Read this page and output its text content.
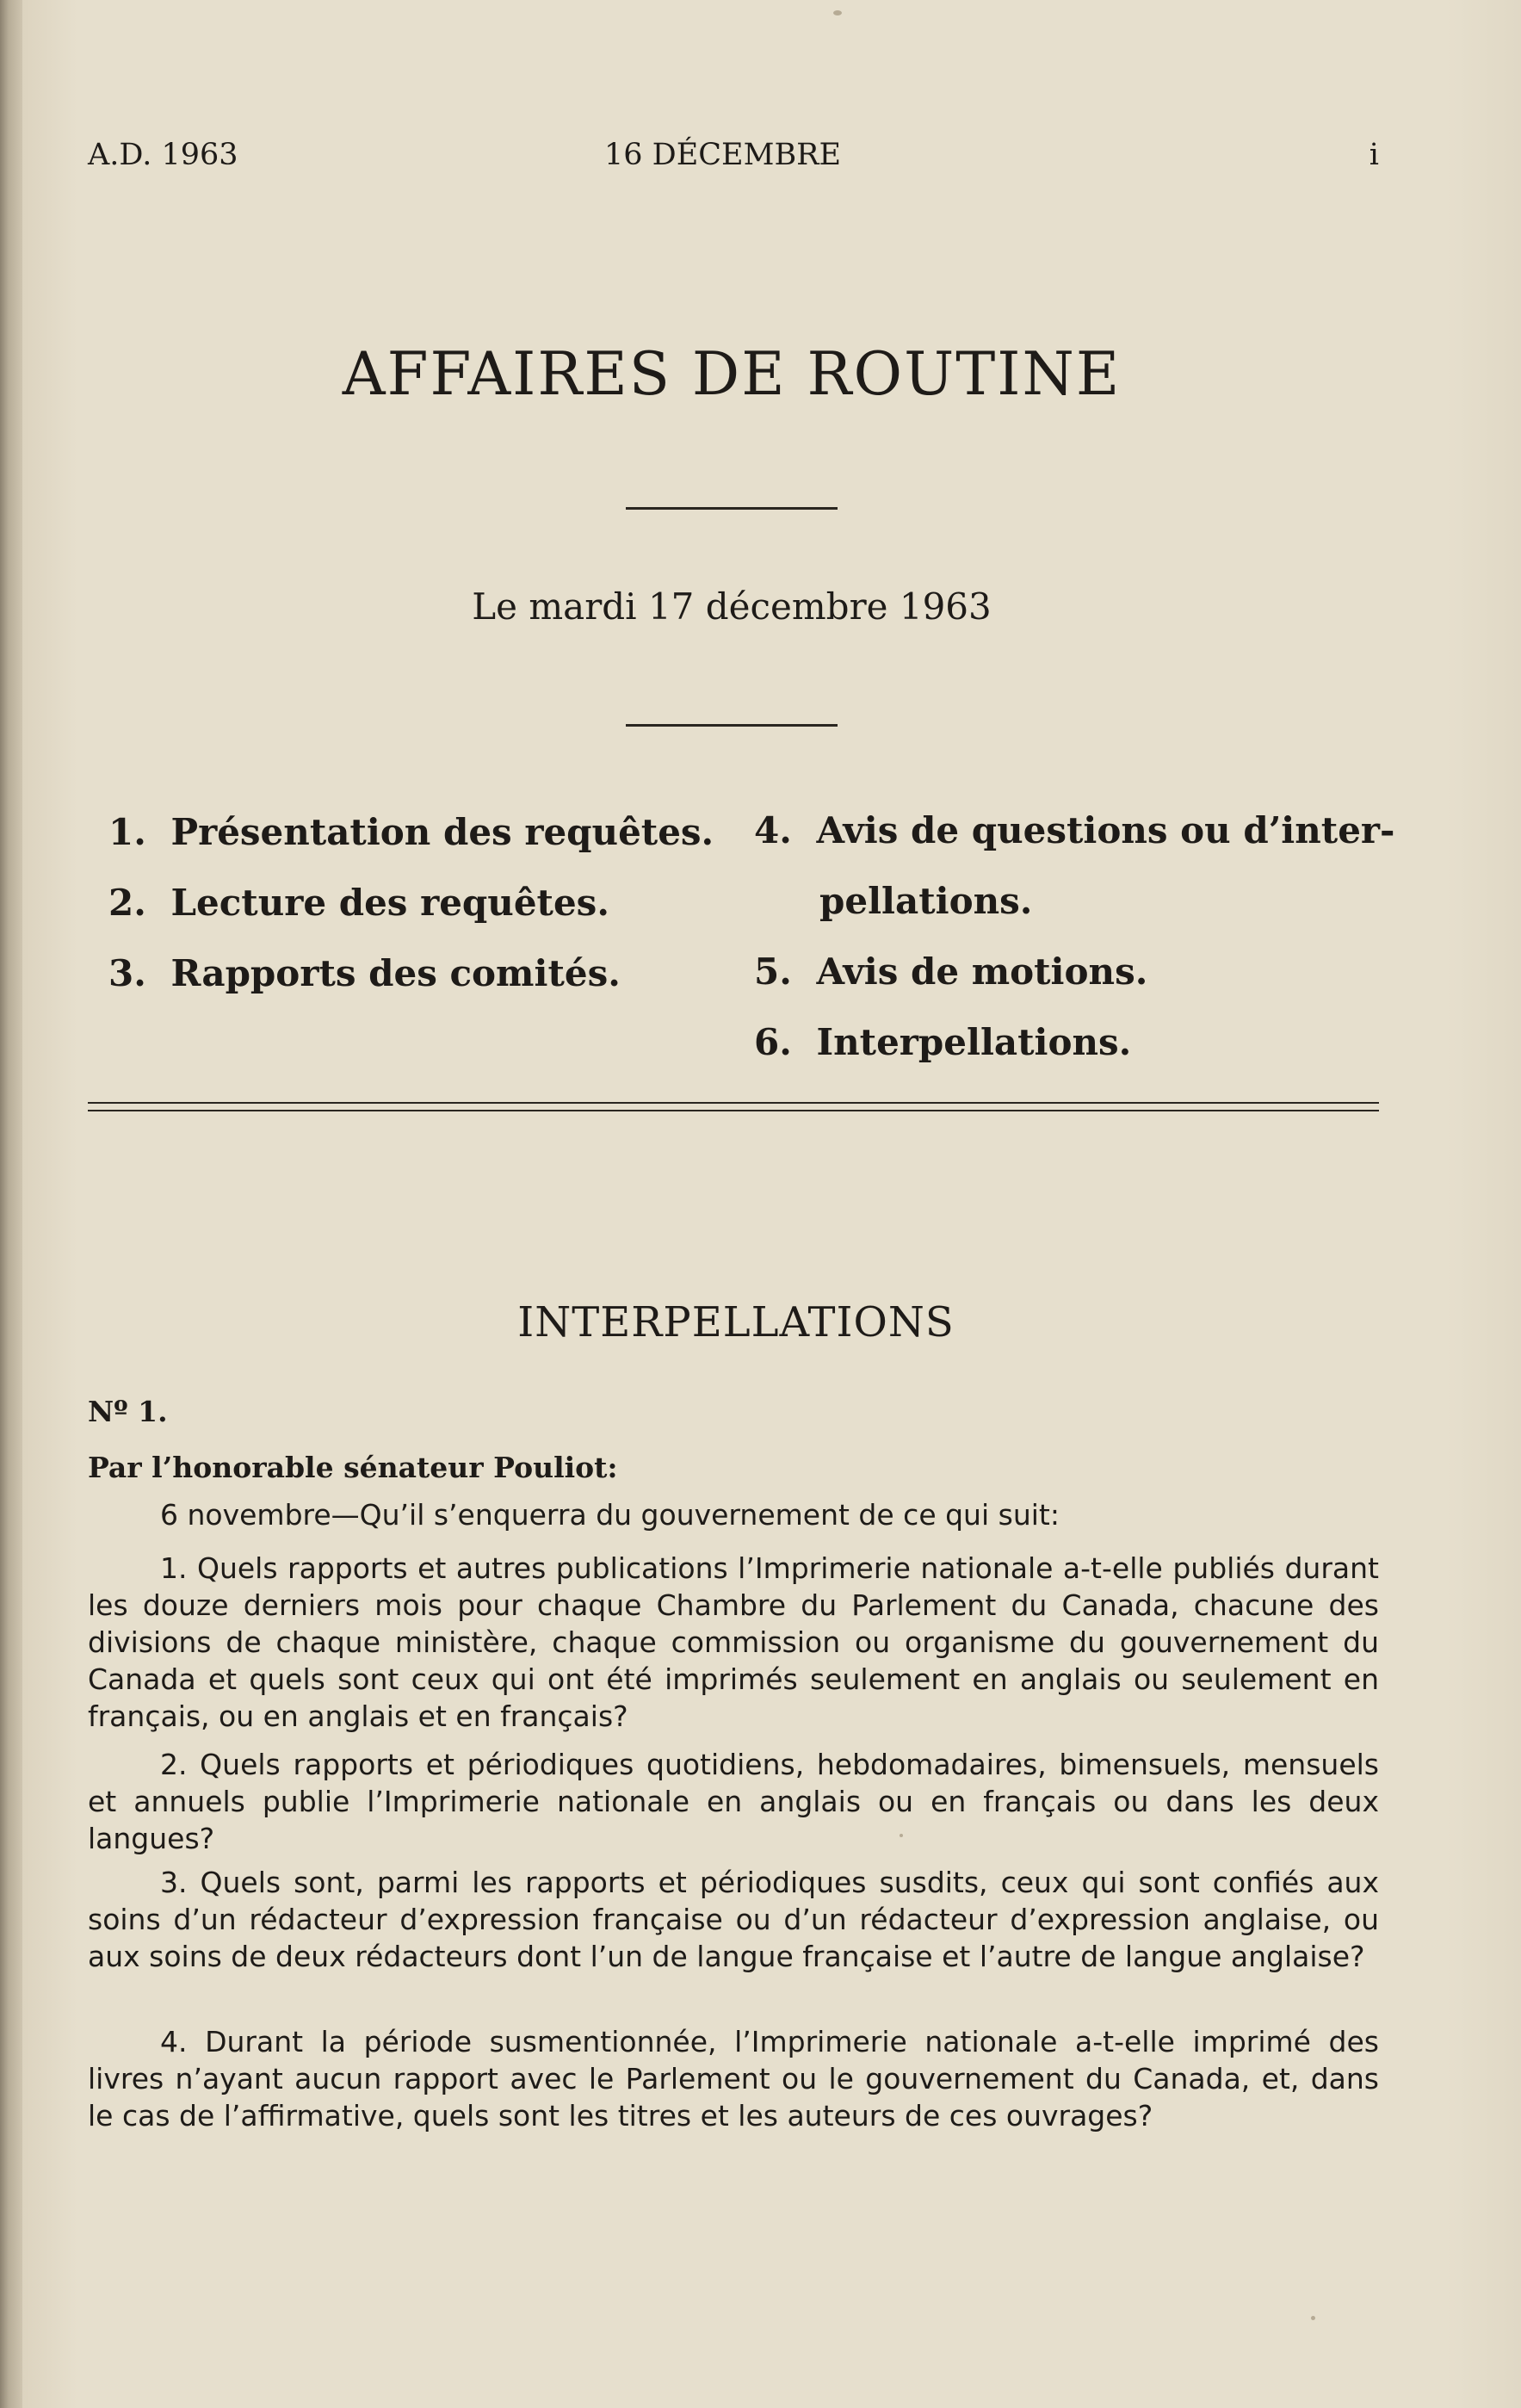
A.D. 1963	16 DÉCEMBRE	i
AFFAIRES DE ROUTINE
Le mardi 17 décembre 1963
1. Présentation des requêtes.
2. Lecture des requêtes.
3. Rapports des comités.
4. Avis de questions ou d’inter-
pellations.
5. Avis de motions.
6. Interpellations.
INTERPELLATIONS
Nº 1.
Par l’honorable sénateur Pouliot:
6 novembre—Qu’il s’enquerra du gouvernement de ce qui suit:
1. Quels rapports et autres publications l’Imprimerie nationale a-t-elle publiés durant les douze derniers mois pour chaque Chambre du Parlement du Canada, chacune des divisions de chaque ministère, chaque commission ou organisme du gouvernement du Canada et quels sont ceux qui ont été imprimés seulement en anglais ou seulement en français, ou en anglais et en français?
2. Quels rapports et périodiques quotidiens, hebdomadaires, bimensuels, mensuels et annuels publie l’Imprimerie nationale en anglais ou en français ou dans les deux langues?
3. Quels sont, parmi les rapports et périodiques susdits, ceux qui sont confiés aux soins d’un rédacteur d’expression française ou d’un rédacteur d’expression anglaise, ou aux soins de deux rédacteurs dont l’un de langue française et l’autre de langue anglaise?
4. Durant la période susmentionnée, l’Imprimerie nationale a-t-elle imprimé des livres n’ayant aucun rapport avec le Parlement ou le gouvernement du Canada, et, dans le cas de l’affirmative, quels sont les titres et les auteurs de ces ouvrages?
